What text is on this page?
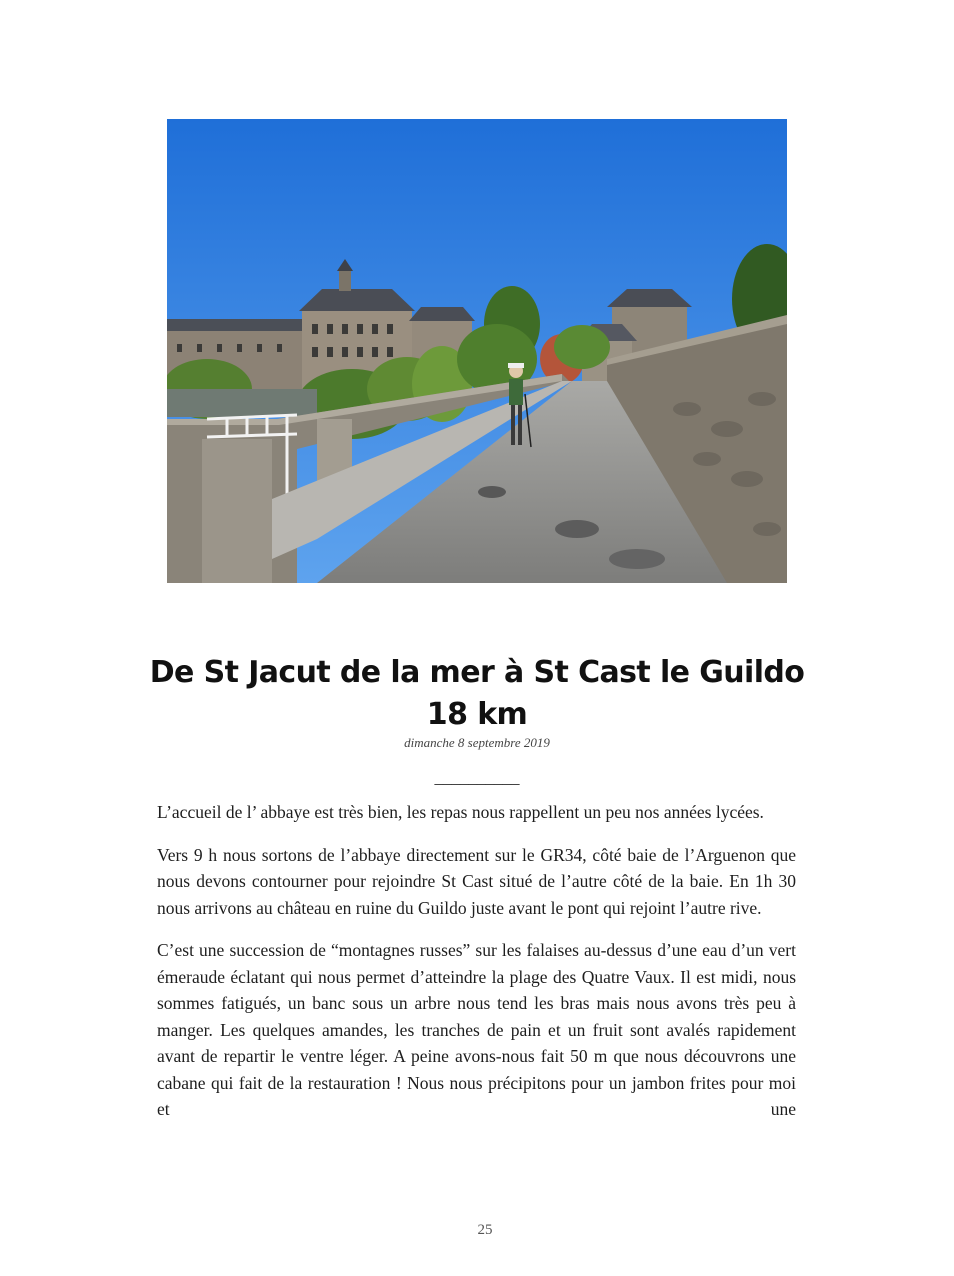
De St Jacut de la mer à St Cast le Guildo 18 km
dimanche 8 septembre 2019
__________

L’accueil de l’ abbaye est très bien, les repas nous rappellent un peu nos années lycées.

Vers 9 h nous sortons de l’abbaye directement sur le GR34, côté baie de l’Arguenon que nous devons contourner pour rejoindre St Cast situé de l’autre côté de la baie. En 1h 30 nous arrivons au château en ruine du Guildo juste avant le pont qui rejoint l’autre rive.

C’est une succession de “montagnes russes” sur les falaises au-dessus d’une eau d’un vert émeraude éclatant qui nous permet d’atteindre la plage des Quatre Vaux. Il est midi, nous sommes fatigués, un banc sous un arbre nous tend les bras mais nous avons très peu à manger. Les quelques amandes, les tranches de pain et un fruit sont avalés rapidement avant de repartir le ventre léger. A peine avons-nous fait 50 m que nous découvrons une cabane qui fait de la restauration ! Nous nous précipitons pour un jambon frites pour moi et une

25
